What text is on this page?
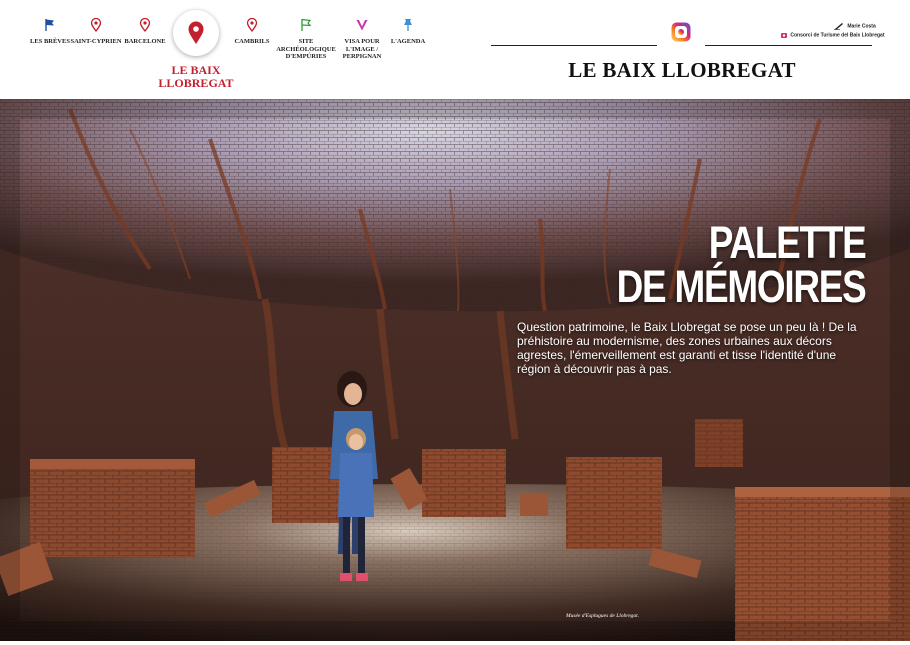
LES BRÈVES SAINT-CYPRIEN BARCELONE
LE BAIX LLOBREGAT
CAMBRILS	SITE ARCHÉOLOGIQUE D'EMPÚRIES
VISA POUR L'IMAGE / PERPIGNAN
L'AGENDA
Marie Costa
Consorci de Turisme del Baix Llobregat
LE BAIX LLOBREGAT
PALETTE
DE MÉMOIRES
Question patrimoine, le Baix Llobregat se pose un peu là ! De la préhistoire au modernisme, des zones urbaines aux décors agrestes, l'émerveillement est garanti et tisse l'identité d'une région à découvrir pas à pas.
Musée d'Esplugues de Llobregat.
